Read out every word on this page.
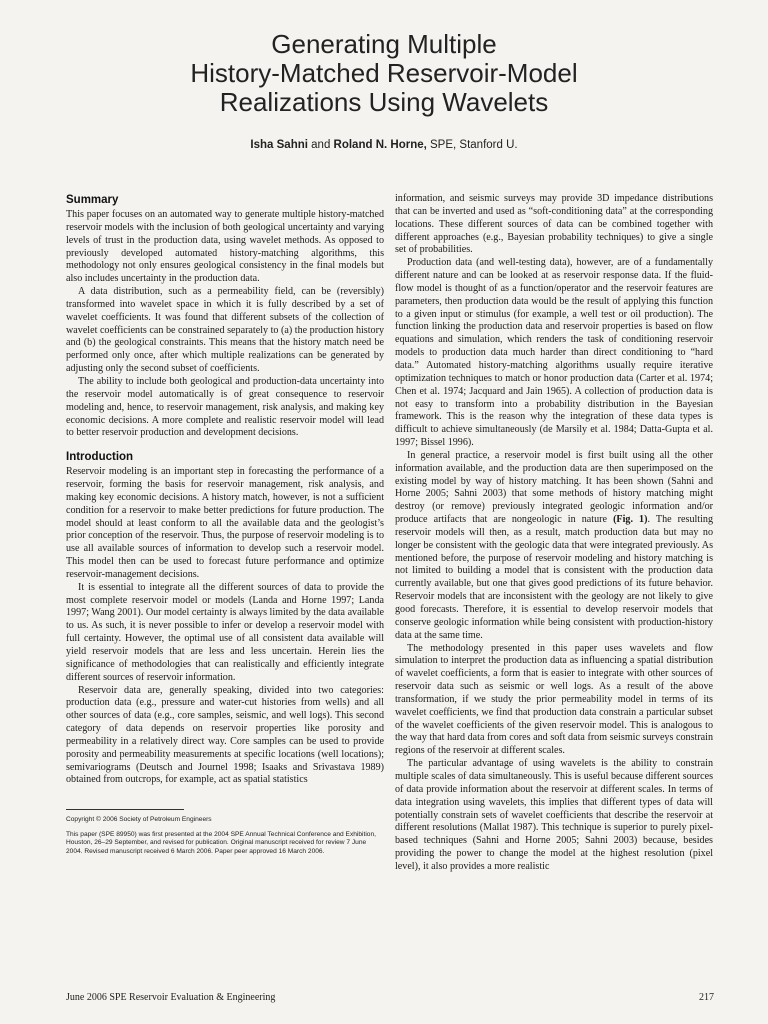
Generating Multiple
History-Matched Reservoir-Model
Realizations Using Wavelets
Isha Sahni and Roland N. Horne, SPE, Stanford U.
Summary

This paper focuses on an automated way to generate multiple history-matched reservoir models with the inclusion of both geological uncertainty and varying levels of trust in the production data, using wavelet methods. As opposed to previously developed automated history-matching algorithms, this methodology not only ensures geological consistency in the final models but also includes uncertainty in the production data.

A data distribution, such as a permeability field, can be (reversibly) transformed into wavelet space in which it is fully described by a set of wavelet coefficients. It was found that different subsets of the collection of wavelet coefficients can be constrained separately to (a) the production history and (b) the geological constraints. This means that the history match need be performed only once, after which multiple realizations can be generated by adjusting only the second subset of coefficients.

The ability to include both geological and production-data uncertainty into the reservoir model automatically is of great consequence to reservoir modeling and, hence, to reservoir management, risk analysis, and making key economic decisions. A more complete and realistic reservoir model will lead to better reservoir production and development decisions.

Introduction

Reservoir modeling is an important step in forecasting the performance of a reservoir, forming the basis for reservoir management, risk analysis, and making key economic decisions. A history match, however, is not a sufficient condition for a reservoir to make better predictions for future production. The model should at least conform to all the available data and the geologist’s prior conception of the reservoir. Thus, the purpose of reservoir modeling is to use all available sources of information to develop such a reservoir model. This model then can be used to forecast future performance and optimize reservoir-management decisions.

It is essential to integrate all the different sources of data to provide the most complete reservoir model or models (Landa and Horne 1997; Landa 1997; Wang 2001). Our model certainty is always limited by the data available to us. As such, it is never possible to infer or develop a reservoir model with full certainty. However, the optimal use of all consistent data available will yield reservoir models that are less and less uncertain. Herein lies the significance of methodologies that can realistically and efficiently integrate different sources of reservoir information.

Reservoir data are, generally speaking, divided into two categories: production data (e.g., pressure and water-cut histories from wells) and all other sources of data (e.g., core samples, seismic, and well logs). This second category of data depends on reservoir properties like porosity and permeability in a relatively direct way. Core samples can be used to provide porosity and permeability measurements at specific locations (well locations); semivariograms (Deutsch and Journel 1998; Isaaks and Srivastava 1989) obtained from outcrops, for example, act as spatial statistics

Copyright © 2006 Society of Petroleum Engineers

This paper (SPE 89950) was first presented at the 2004 SPE Annual Technical Conference and Exhibition, Houston, 26–29 September, and revised for publication. Original manuscript received for review 7 June 2004. Revised manuscript received 6 March 2006. Paper peer approved 16 March 2006.

information, and seismic surveys may provide 3D impedance distributions that can be inverted and used as “soft-conditioning data” at the corresponding locations. These different sources of data can be combined together with different approaches (e.g., Bayesian probability techniques) to give a single set of probabilities.

Production data (and well-testing data), however, are of a fundamentally different nature and can be looked at as reservoir response data. If the fluid-flow model is thought of as a function/operator and the reservoir features are parameters, then production data would be the result of applying this function to a given input or stimulus (for example, a well test or oil production). The function linking the production data and reservoir properties is based on flow equations and simulation, which renders the task of conditioning reservoir models to production data much harder than direct conditioning to “hard data.” Automated history-matching algorithms usually require iterative optimization techniques to match or honor production data (Carter et al. 1974; Chen et al. 1974; Jacquard and Jain 1965). A collection of production data is not easy to transform into a probability distribution in the Bayesian framework. This is the reason why the integration of these data types is difficult to achieve simultaneously (de Marsily et al. 1984; Datta-Gupta et al. 1997; Bissel 1996).

In general practice, a reservoir model is first built using all the other information available, and the production data are then superimposed on the existing model by way of history matching. It has been shown (Sahni and Horne 2005; Sahni 2003) that some methods of history matching might destroy (or remove) previously integrated geologic information and/or produce artifacts that are nongeologic in nature (Fig. 1). The resulting reservoir models will then, as a result, match production data but may no longer be consistent with the geologic data that were integrated previously. As mentioned before, the purpose of reservoir modeling and history matching is not limited to building a model that is consistent with the production data currently available, but one that gives good predictions of its future behavior. Reservoir models that are inconsistent with the geology are not likely to give good forecasts. Therefore, it is essential to develop reservoir models that conserve geologic information while being consistent with production-history data at the same time.

The methodology presented in this paper uses wavelets and flow simulation to interpret the production data as influencing a spatial distribution of wavelet coefficients, a form that is easier to integrate with other sources of reservoir data such as seismic or well logs. As a result of the above transformation, if we study the prior permeability model in terms of its wavelet coefficients, we find that production data constrain a particular subset of the wavelet coefficients of the given reservoir model. This is analogous to the way that hard data from cores and soft data from seismic surveys constrain regions of the reservoir at different scales.

The particular advantage of using wavelets is the ability to constrain multiple scales of data simultaneously. This is useful because different sources of data provide information about the reservoir at different scales. In terms of data integration using wavelets, this implies that different types of data will potentially constrain sets of wavelet coefficients that describe the reservoir at different resolutions (Mallat 1987). This technique is superior to purely pixel-based techniques (Sahni and Horne 2005; Sahni 2003) because, besides providing the power to change the model at the highest resolution (pixel level), it also provides a more realistic

June 2006 SPE Reservoir Evaluation & Engineering	217
